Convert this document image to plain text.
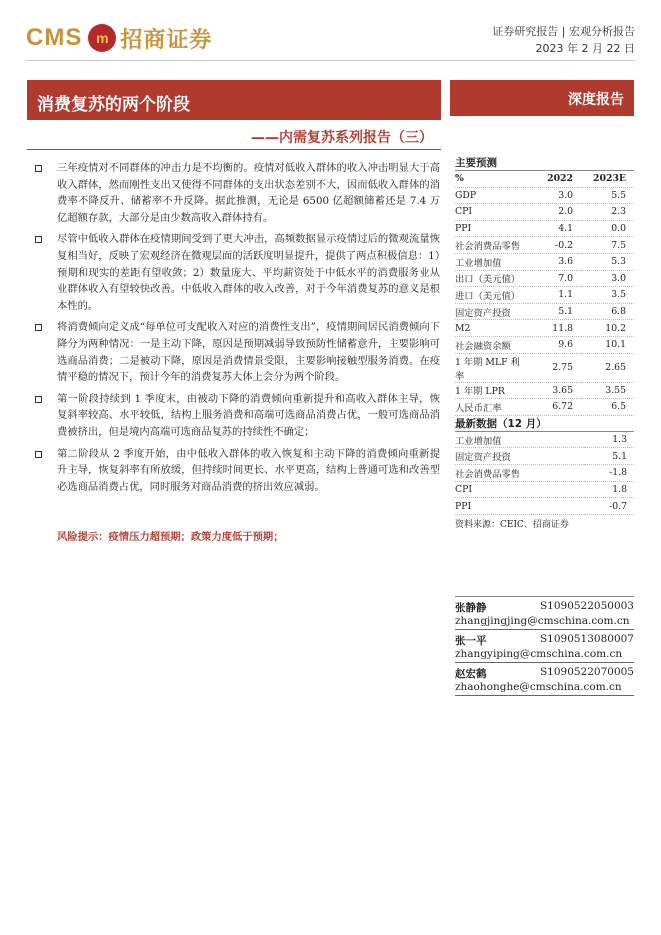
CMS m 招商证券	证券研究报告 | 宏观分析报告
2023 年 2 月 22 日
消费复苏的两个阶段	深度报告
——内需复苏系列报告（三）
三年疫情对不同群体的冲击力是不均衡的。疫情对低收入群体的收入冲击明显大于高收入群体，然而刚性支出又使得不同群体的支出状态差别不大，因而低收入群体的消费率不降反升、储蓄率不升反降。据此推测，无论是 6500 亿超额储蓄还是 7.4 万亿超额存款，大部分是由少数高收入群体持有。
尽管中低收入群体在疫情期间受到了更大冲击，高频数据显示疫情过后的微观流量恢复相当好，反映了宏观经济在微观层面的活跃度明显提升，提供了两点积极信息：1）预期和现实的差距有望收敛；2）数量庞大、平均薪资处于中低水平的消费服务业从业群体收入有望较快改善。中低收入群体的收入改善，对于今年消费复苏的意义是根本性的。
将消费倾向定义成“每单位可支配收入对应的消费性支出”，疫情期间居民消费倾向下降分为两种情况：一是主动下降，原因是预期减弱导致预防性储蓄意升，主要影响可选商品消费；二是被动下降，原因是消费情景受限，主要影响接触型服务消费。在疫情平稳的情况下，预计今年的消费复苏大体上会分为两个阶段。
第一阶段持续到 1 季度末，由被动下降的消费倾向重新提升和高收入群体主导，恢复斜率较高、水平较低，结构上服务消费和高端可选商品消费占优，一般可选商品消费被挤出，但是境内高端可选商品复苏的持续性不确定；
第二阶段从 2 季度开始，由中低收入群体的收入恢复和主动下降的消费倾向重新提升主导，恢复斜率有所放缓，但持续时间更长、水平更高，结构上普通可选和改善型必选商品消费占优，同时服务对商品消费的挤出效应减弱。
风险提示：疫情压力超预期；政策力度低于预期；
主要预测
%	2022	2023E
GDP	3.0	5.5
CPI	2.0	2.3
PPI	4.1	0.0
社会消费品零售	-0.2	7.5
工业增加值	3.6	5.3
出口（美元值）	7.0	3.0
进口（美元值）	1.1	3.5
固定资产投资	5.1	6.8
M2	11.8	10.2
社会融资余额	9.6	10.1
1 年期 MLF 利率	2.75	2.65
1 年期 LPR	3.65	3.55
人民币汇率	6.72	6.5
最新数据（12 月）
工业增加值	1.3
固定资产投资	5.1
社会消费品零售	-1.8
CPI	1.8
PPI	-0.7
资料来源：CEIC、招商证券
张静静	S1090522050003
zhangjingjing@cmschina.com.cn
张一平	S1090513080007
zhangyiping@cmschina.com.cn
赵宏鹤	S1090522070005
zhaohonghe@cmschina.com.cn
